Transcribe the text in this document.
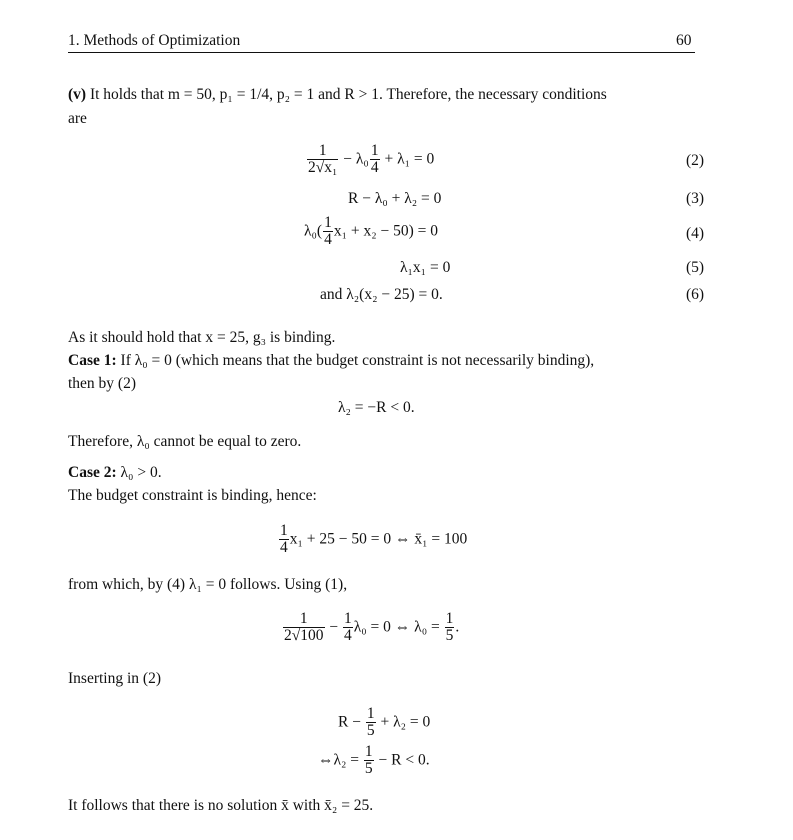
1. Methods of Optimization	60
(v) It holds that m = 50, p₁ = 1/4, p₂ = 1 and R > 1. Therefore, the necessary conditions
are
$\frac{1}{\text{2√x₁}} - \lambda_0 \frac{1}{4} + \lambda_1 = 0$	(2)
R − λ₀ + λ₂ = 0	(3)
$\lambda_0( \frac{1}{4} x_1 + x_2 - 50) = 0$	(4)
λ₁x₁ = 0	(5)
and λ₂(x₂ − 25) = 0.	(6)
As it should hold that x = 25, g₃ is binding.
Case 1: If λ₀ = 0 (which means that the budget constraint is not necessarily binding),
then by (2)
λ₂ = −R < 0.
Therefore, λ₀ cannot be equal to zero.
Case 2: λ₀ > 0.
The budget constraint is binding, hence:
$\frac{1}{4} x_1 + 25 - 50 = 0$ ⇔ x̄₁ = 100
from which, by (4) λ₁ = 0 follows. Using (1),
$\frac{1}{2√100} - \frac{1}{4} \lambda_0 = 0$ ⇔ $\lambda_0 = \frac{1}{5}$ .
Inserting in (2)
$R - \frac{1}{5} + \lambda_2 = 0$
⇔λ₂ = $\frac{1}{5} - R < 0$.
It follows that there is no solution x̄ with x̄₂ = 25.
